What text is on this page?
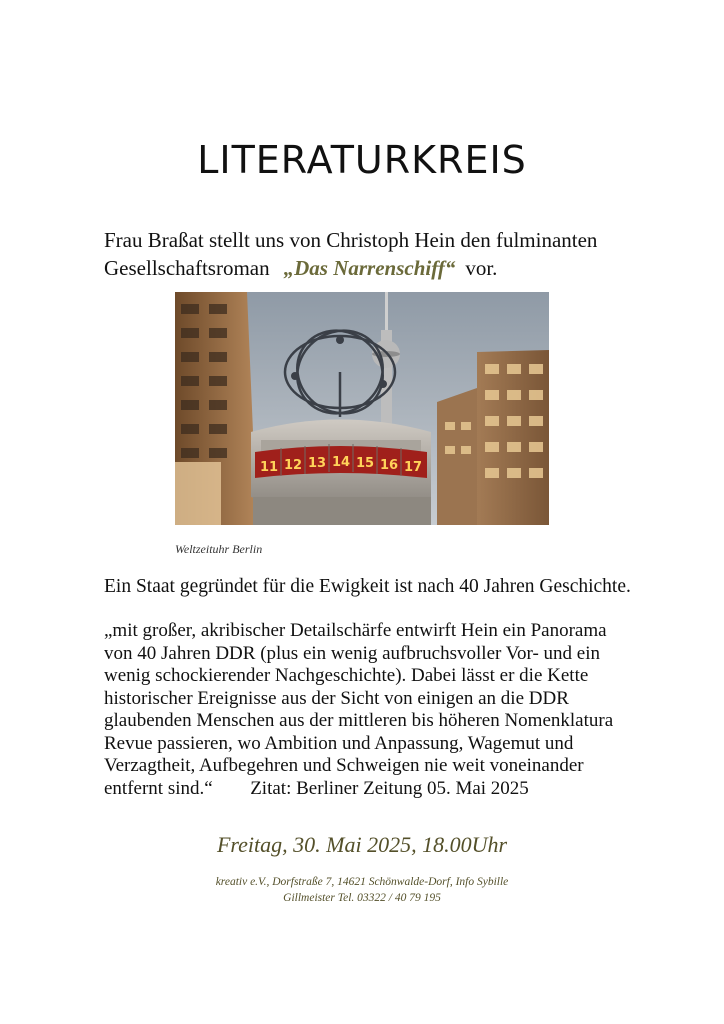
LITERATURKREIS
Frau Braßat stellt uns von Christoph Hein den fulminanten
Gesellschaftsroman „Das Narrenschiff“ vor.
11 12 13 14 15 16 17
Weltzeituhr Berlin
Ein Staat gegründet für die Ewigkeit ist nach 40 Jahren Geschichte.
„mit großer, akribischer Detailschärfe entwirft Hein ein Panorama
von 40 Jahren DDR (plus ein wenig aufbruchsvoller Vor- und ein
wenig schockierender Nachgeschichte). Dabei lässt er die Kette
historischer Ereignisse aus der Sicht von einigen an die DDR
glaubenden Menschen aus der mittleren bis höheren Nomenklatura
Revue passieren, wo Ambition und Anpassung, Wagemut und
Verzagtheit, Aufbegehren und Schweigen nie weit voneinander
entfernt sind.“ Zitat: Berliner Zeitung 05. Mai 2025
Freitag, 30. Mai 2025, 18.00Uhr
kreativ e.V., Dorfstraße 7, 14621 Schönwalde-Dorf, Info Sybille
Gillmeister Tel. 03322 / 40 79 195
